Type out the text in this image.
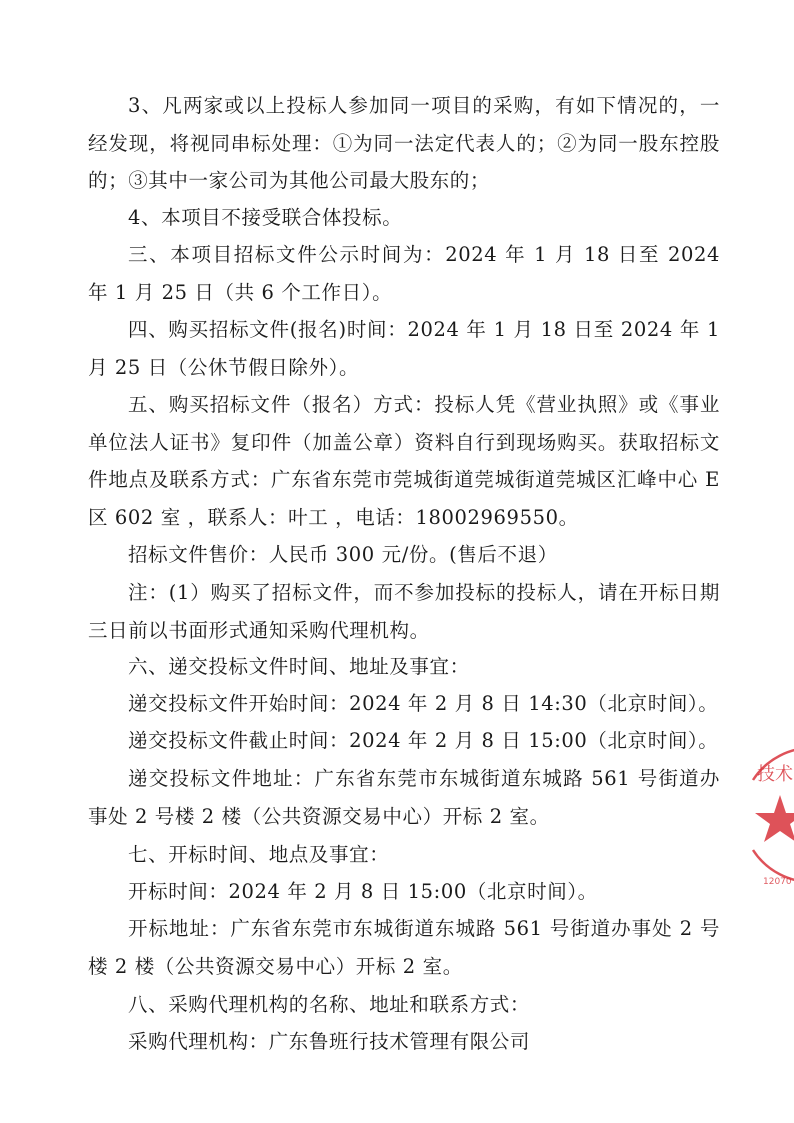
3、凡两家或以上投标人参加同一项目的采购，有如下情况的，一经发现，将视同串标处理：①为同一法定代表人的；②为同一股东控股的；③其中一家公司为其他公司最大股东的；

4、本项目不接受联合体投标。

三、本项目招标文件公示时间为：2024 年 1 月 18 日至 2024 年 1 月 25 日（共 6 个工作日）。

四、购买招标文件(报名)时间：2024 年 1 月 18 日至 2024 年 1 月 25 日（公休节假日除外）。

五、购买招标文件（报名）方式：投标人凭《营业执照》或《事业单位法人证书》复印件（加盖公章）资料自行到现场购买。获取招标文件地点及联系方式：广东省东莞市莞城街道莞城街道莞城区汇峰中心 E 区 602 室 ，联系人：叶工 ，电话：18002969550。

招标文件售价：人民币 300 元/份。(售后不退）

注：(1）购买了招标文件，而不参加投标的投标人，请在开标日期三日前以书面形式通知采购代理机构。

六、递交投标文件时间、地址及事宜：

递交投标文件开始时间：2024 年 2 月 8 日 14:30（北京时间）。

递交投标文件截止时间：2024 年 2 月 8 日 15:00（北京时间）。

递交投标文件地址：广东省东莞市东城街道东城路 561 号街道办事处 2 号楼 2 楼（公共资源交易中心）开标 2 室。

七、开标时间、地点及事宜：

开标时间：2024 年 2 月 8 日 15:00（北京时间）。

开标地址：广东省东莞市东城街道东城路 561 号街道办事处 2 号楼 2 楼（公共资源交易中心）开标 2 室。

八、采购代理机构的名称、地址和联系方式：

采购代理机构：广东鲁班行技术管理有限公司

技术
12070
